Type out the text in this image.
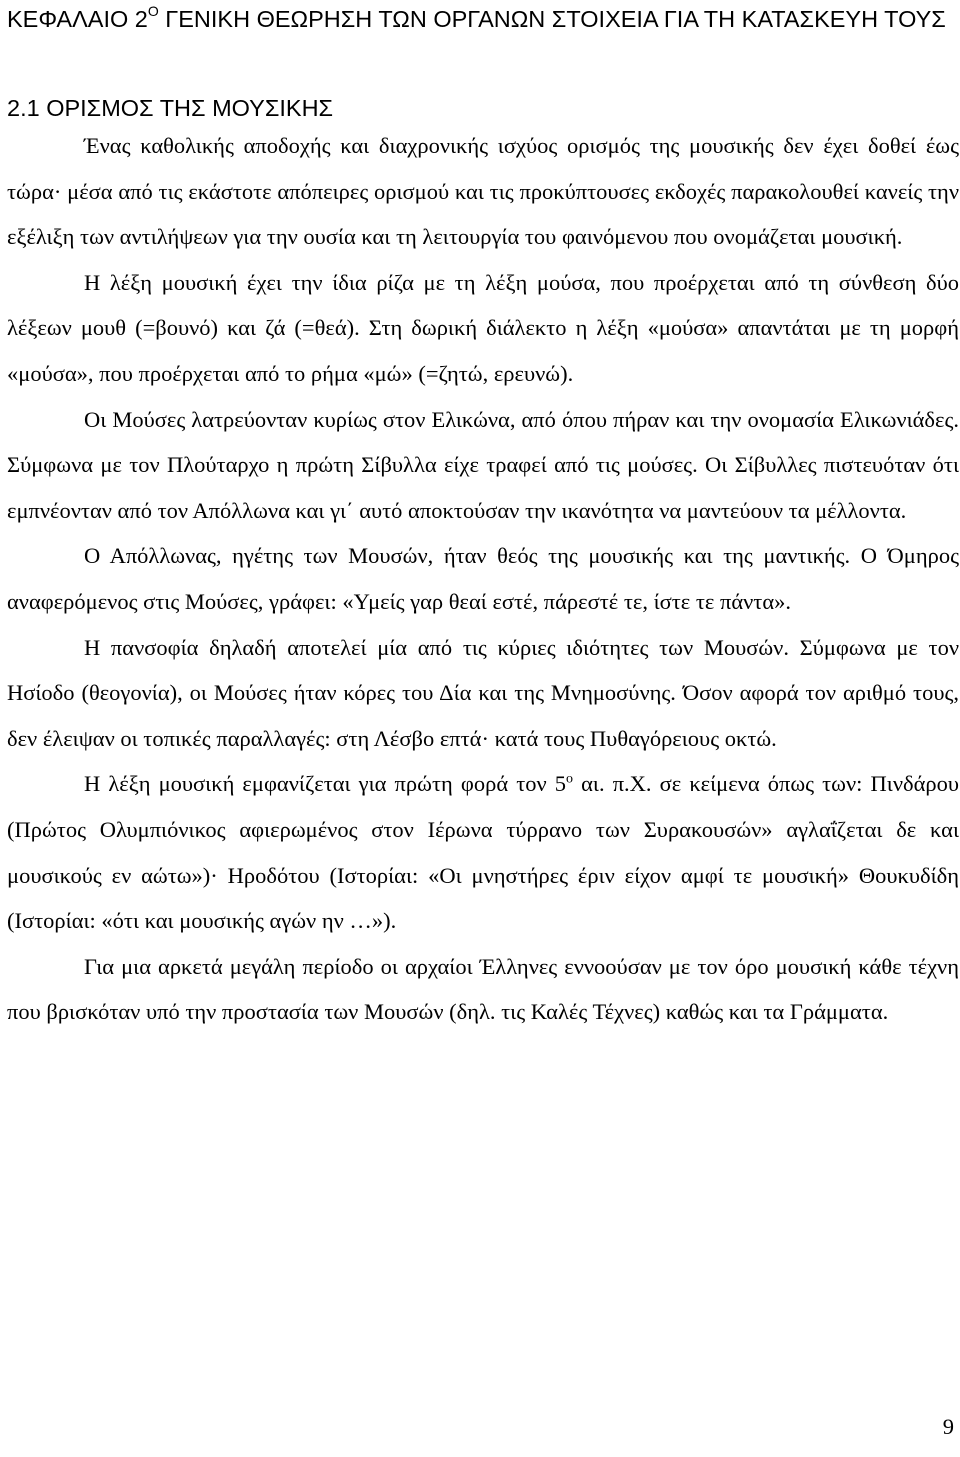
ΚΕΦΑΛΑΙΟ $2^O$ ΓΕΝΙΚΗ ΘΕΩΡΗΣΗ ΤΩΝ ΟΡΓΑΝΩΝ ΣΤΟΙΧΕΙΑ ΓΙΑ ΤΗ ΚΑΤΑΣΚΕΥΗ ΤΟΥΣ
2.1 ΟΡΙΣΜΟΣ ΤΗΣ ΜΟΥΣΙΚΗΣ

Ένας καθολικής αποδοχής και διαχρονικής ισχύος ορισμός της μουσικής δεν έχει δοθεί έως τώρα· μέσα από τις εκάστοτε απόπειρες ορισμού και τις προκύπτουσες εκδοχές παρακολουθεί κανείς την εξέλιξη των αντιλήψεων για την ουσία και τη λειτουργία του φαινόμενου που ονομάζεται μουσική.

Η λέξη μουσική έχει την ίδια ρίζα με τη λέξη μούσα, που προέρχεται από τη σύνθεση δύο λέξεων μουθ (=βουνό) και ζά (=θεά). Στη δωρική διάλεκτο η λέξη «μούσα» απαντάται με τη μορφή «μούσα», που προέρχεται από το ρήμα «μώ» (=ζητώ, ερευνώ).

Οι Μούσες λατρεύονταν κυρίως στον Ελικώνα, από όπου πήραν και την ονομασία Ελικωνιάδες. Σύμφωνα με τον Πλούταρχο η πρώτη Σίβυλλα είχε τραφεί από τις μούσες. Οι Σίβυλλες πιστευόταν ότι εμπνέονταν από τον Απόλλωνα και γι΄ αυτό αποκτούσαν την ικανότητα να μαντεύουν τα μέλλοντα.

Ο Απόλλωνας, ηγέτης των Μουσών, ήταν θεός της μουσικής και της μαντικής. Ο Όμηρος αναφερόμενος στις Μούσες, γράφει: «Υμείς γαρ θεαί εστέ, πάρεστέ τε, ίστε τε πάντα».

Η πανσοφία δηλαδή αποτελεί μία από τις κύριες ιδιότητες των Μουσών. Σύμφωνα με τον Ησίοδο (θεογονία), οι Μούσες ήταν κόρες του Δία και της Μνημοσύνης. Όσον αφορά τον αριθμό τους, δεν έλειψαν οι τοπικές παραλλαγές: στη Λέσβο επτά· κατά τους Πυθαγόρειους οκτώ.

Η λέξη μουσική εμφανίζεται για πρώτη φορά τον $5^o$ αι. π.Χ. σε κείμενα όπως των: Πινδάρου (Πρώτος Ολυμπιόνικος αφιερωμένος στον Ιέρωνα τύρρανο των Συρακουσών» αγλαΐζεται δε και μουσικούς εν αώτω»)· Ηροδότου (Ιστορίαι: «Οι μνηστήρες έριν είχον αμφί τε μουσική» Θουκυδίδη (Ιστορίαι: «ότι και μουσικής αγών ην …»).

Για μια αρκετά μεγάλη περίοδο οι αρχαίοι Έλληνες εννοούσαν με τον όρο μουσική κάθε τέχνη που βρισκόταν υπό την προστασία των Μουσών (δηλ. τις Καλές Τέχνες) καθώς και τα Γράμματα.

9
